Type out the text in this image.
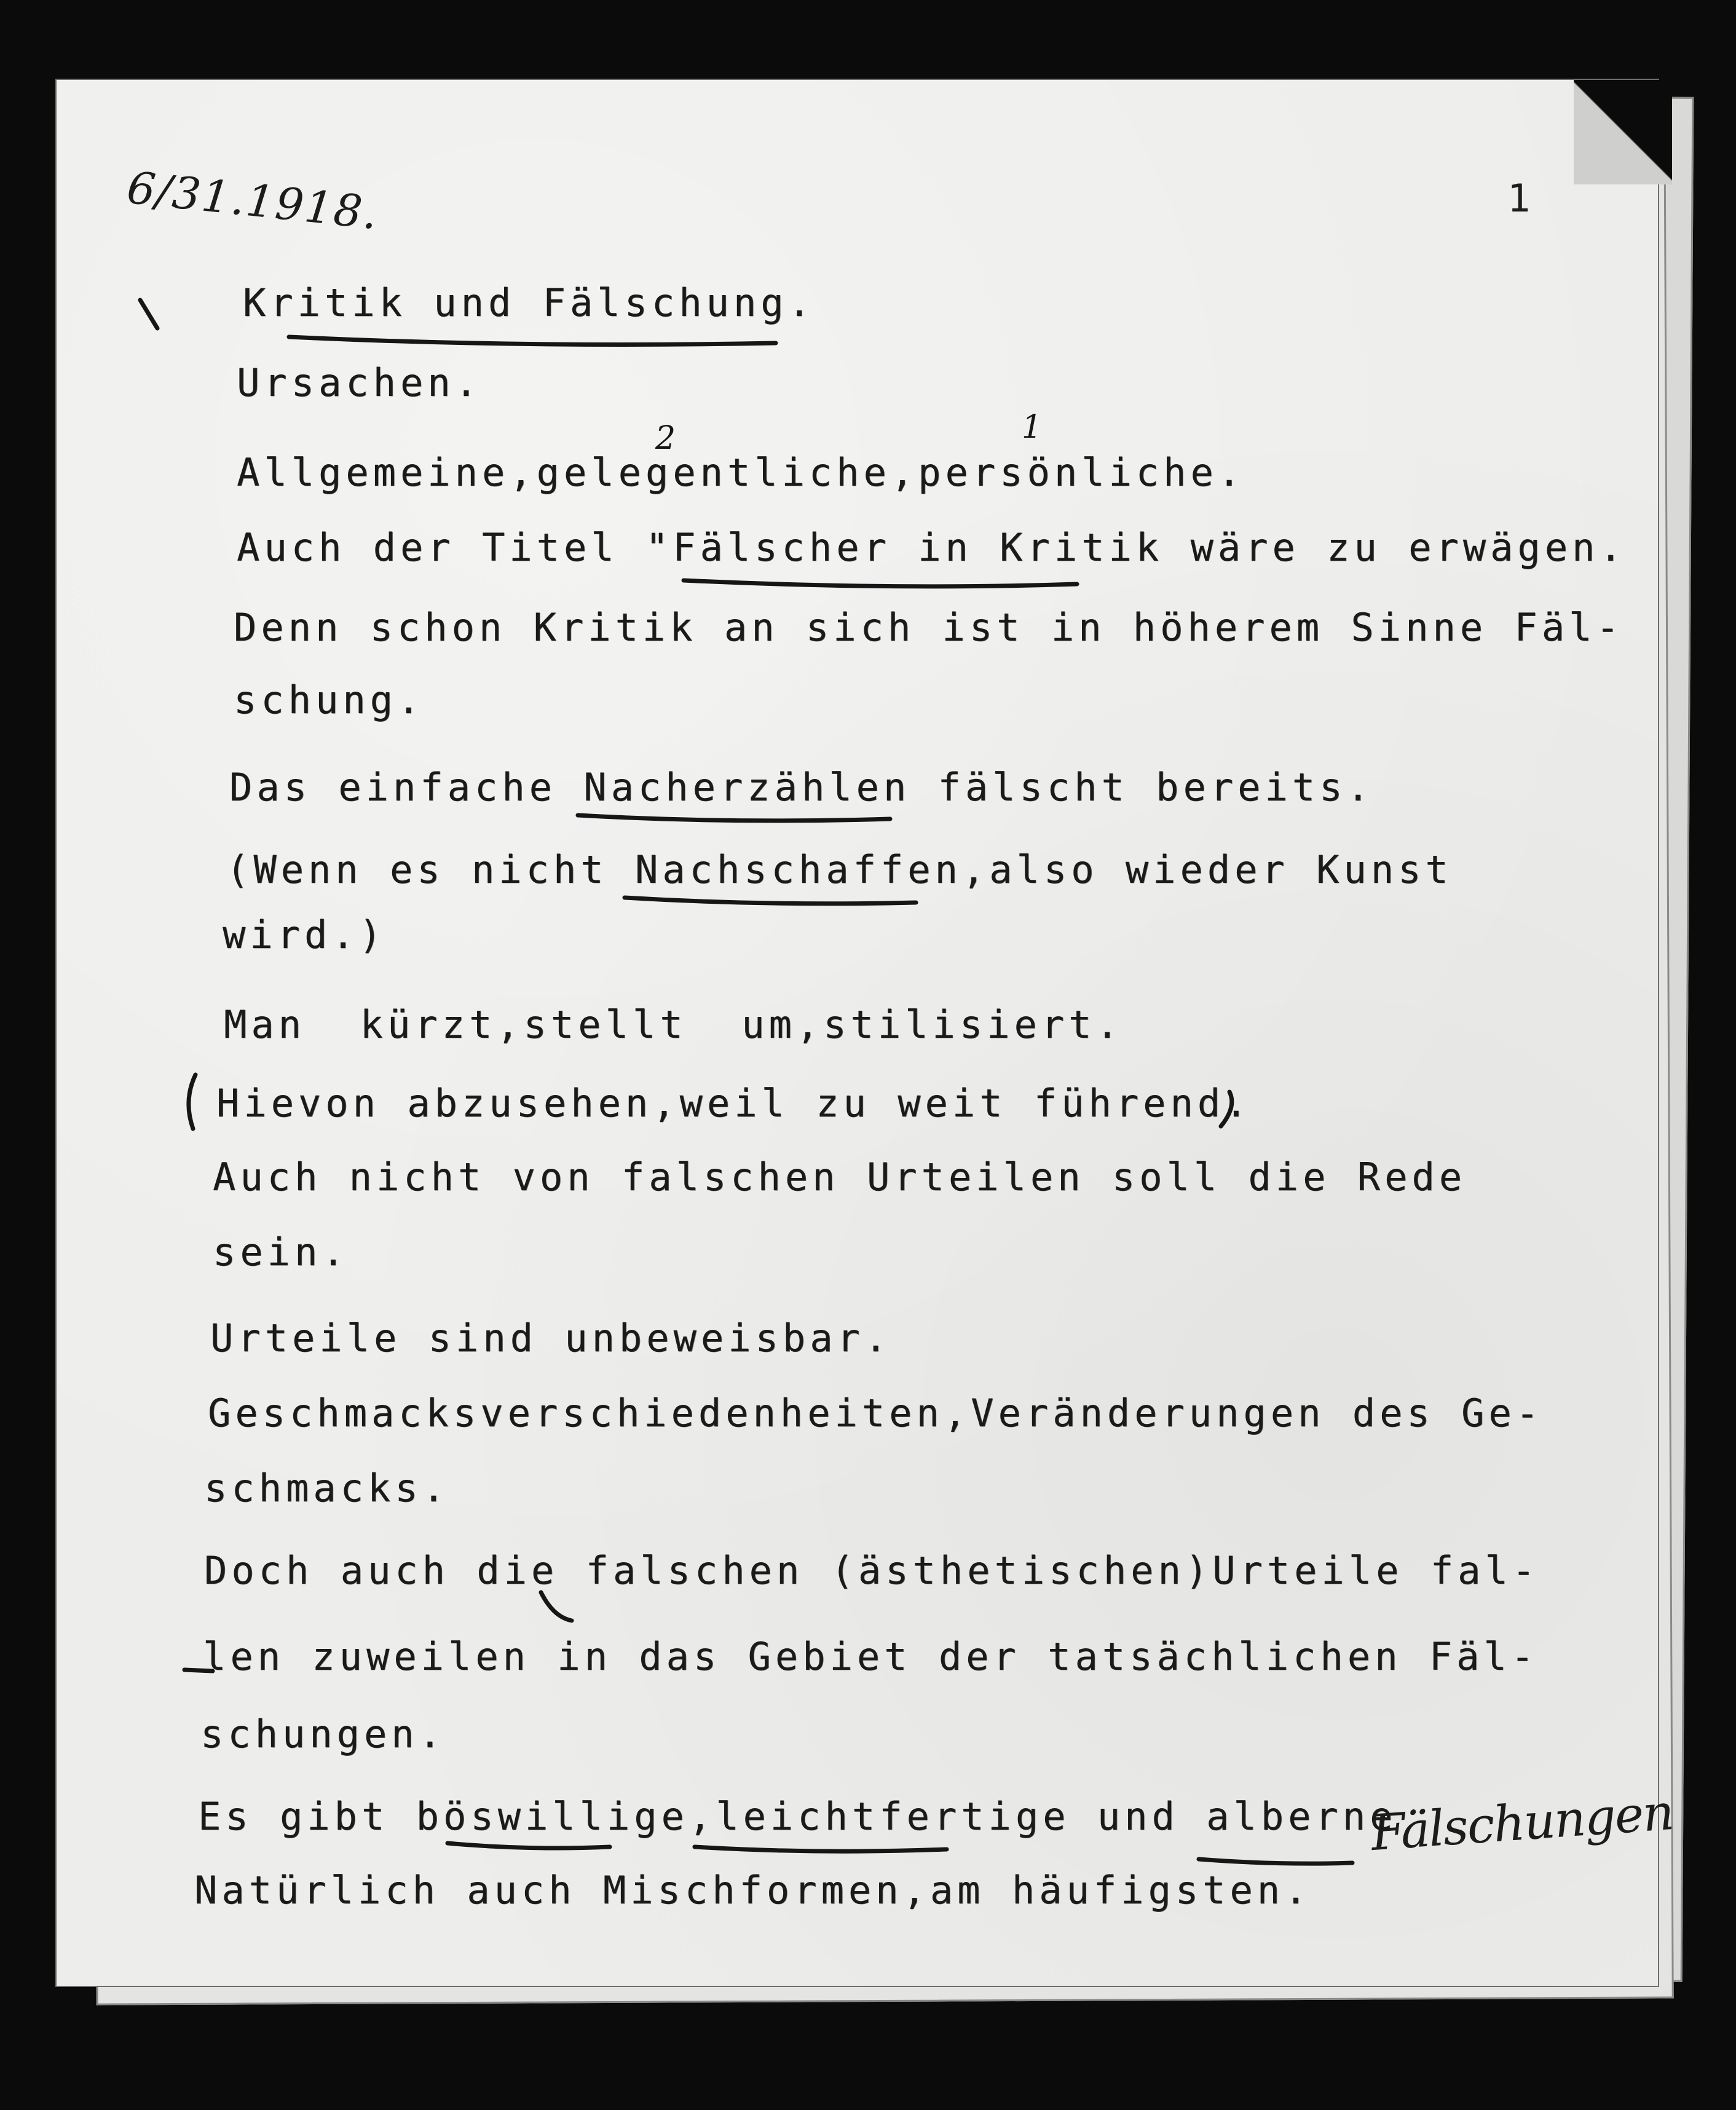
Kritik und Fälschung.

Ursachen.

Allgemeine,gelegentliche,persönliche.

Auch der Titel "Fälscher in Kritik wäre zu erwägen.

Denn schon Kritik an sich ist in höherem Sinne Fäl-

schung.

Das einfache Nacherzählen fälscht bereits.

(Wenn es nicht Nachschaffen,also wieder Kunst

wird.)

Man  kürzt,stellt  um,stilisiert.

Hievon abzusehen,weil zu weit führend.

Auch nicht von falschen Urteilen soll die Rede

sein.

Urteile sind unbeweisbar.

Geschmacksverschiedenheiten,Veränderungen des Ge-

schmacks.

Doch auch die falschen (ästhetischen)Urteile fal-

len zuweilen in das Gebiet der tatsächlichen Fäl-

schungen.

Es gibt böswillige,leichtfertige und alberne

Natürlich auch Mischformen,am häufigsten.

6/31.1918.	1

Fälschungen

2	1
